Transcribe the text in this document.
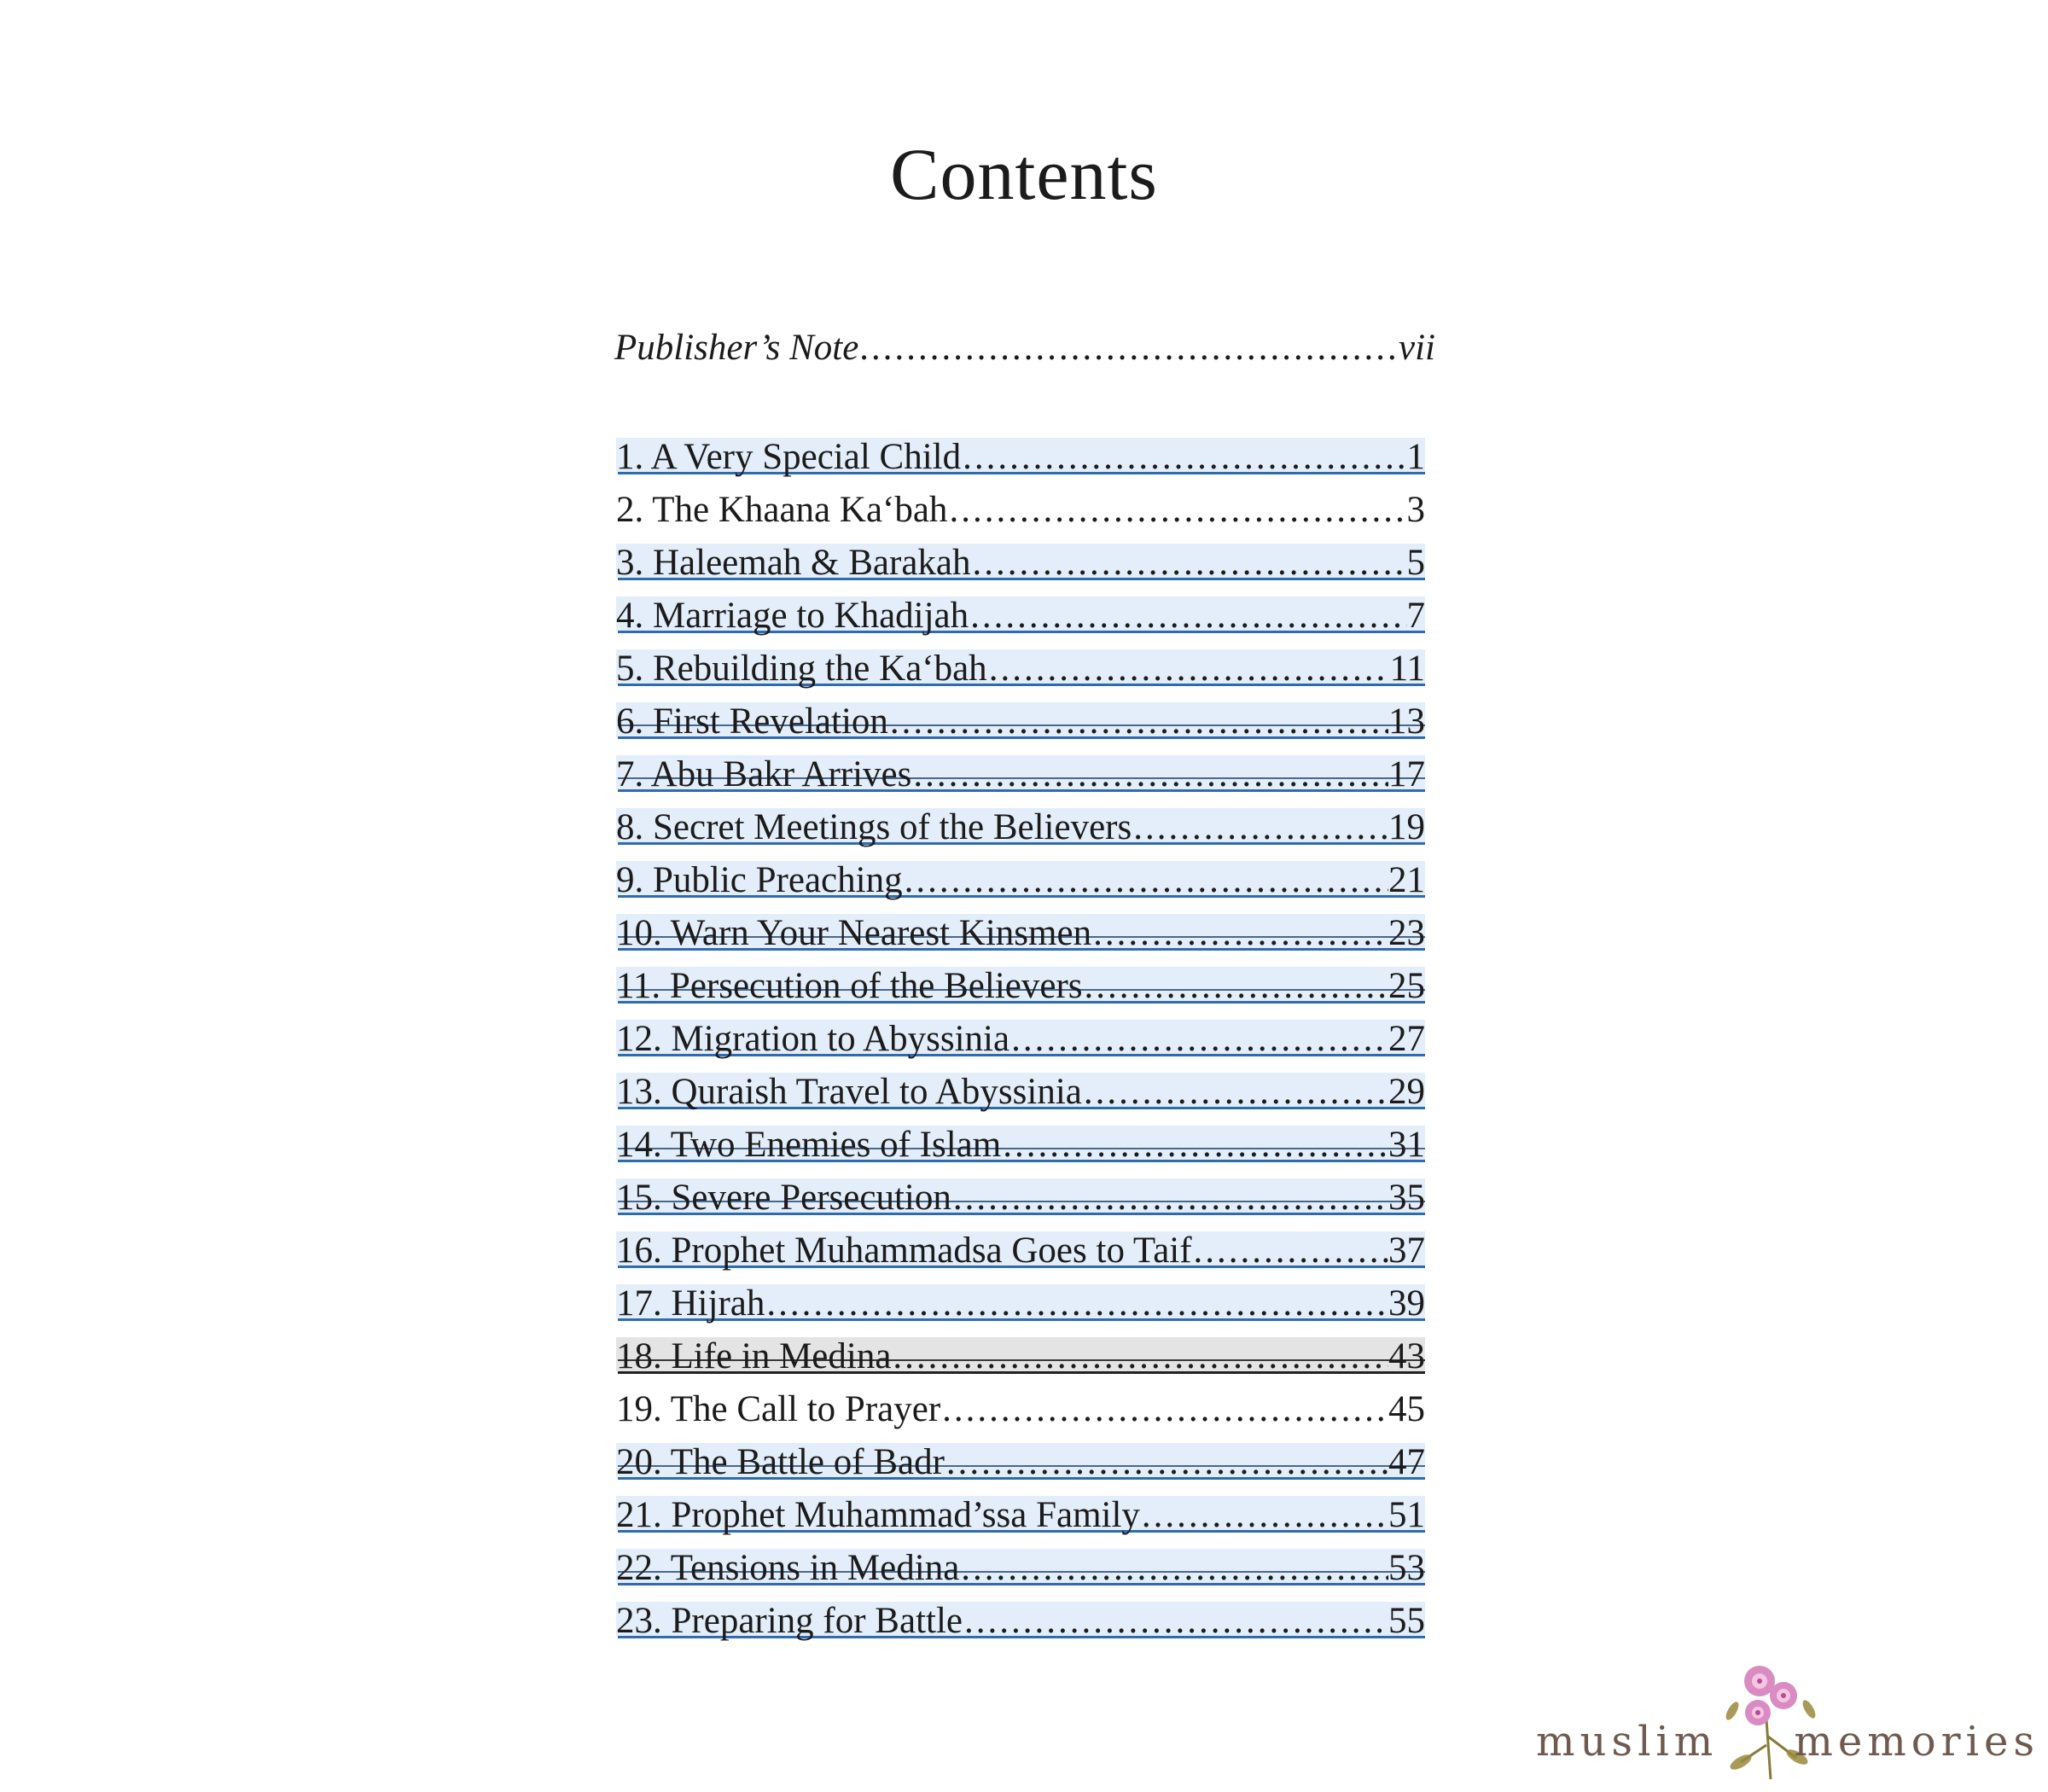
Contents
Publisher’s Note .....	vii
1. A Very Special Child .....	1
2. The Khaana Ka‘bah .....	3
3. Haleemah & Barakah .....	5
4. Marriage to Khadijah .....	7
5. Rebuilding the Ka‘bah .....	11
6. First Revelation .....	13
7. Abu Bakr Arrives .....	17
8. Secret Meetings of the Believers .....	19
9. Public Preaching .....	21
10. Warn Your Nearest Kinsmen .....	23
11. Persecution of the Believers .....	25
12. Migration to Abyssinia .....	27
13. Quraish Travel to Abyssinia .....	29
14. Two Enemies of Islam .....	31
15. Severe Persecution .....	35
16. Prophet Muhammadsa Goes to Taif .....	37
17. Hijrah .....	39
18. Life in Medina .....	43
19. The Call to Prayer .....	45
20. The Battle of Badr .....	47
21. Prophet Muhammad’ssa Family .....	51
22. Tensions in Medina .....	53
23. Preparing for Battle .....	55
muslim memories
